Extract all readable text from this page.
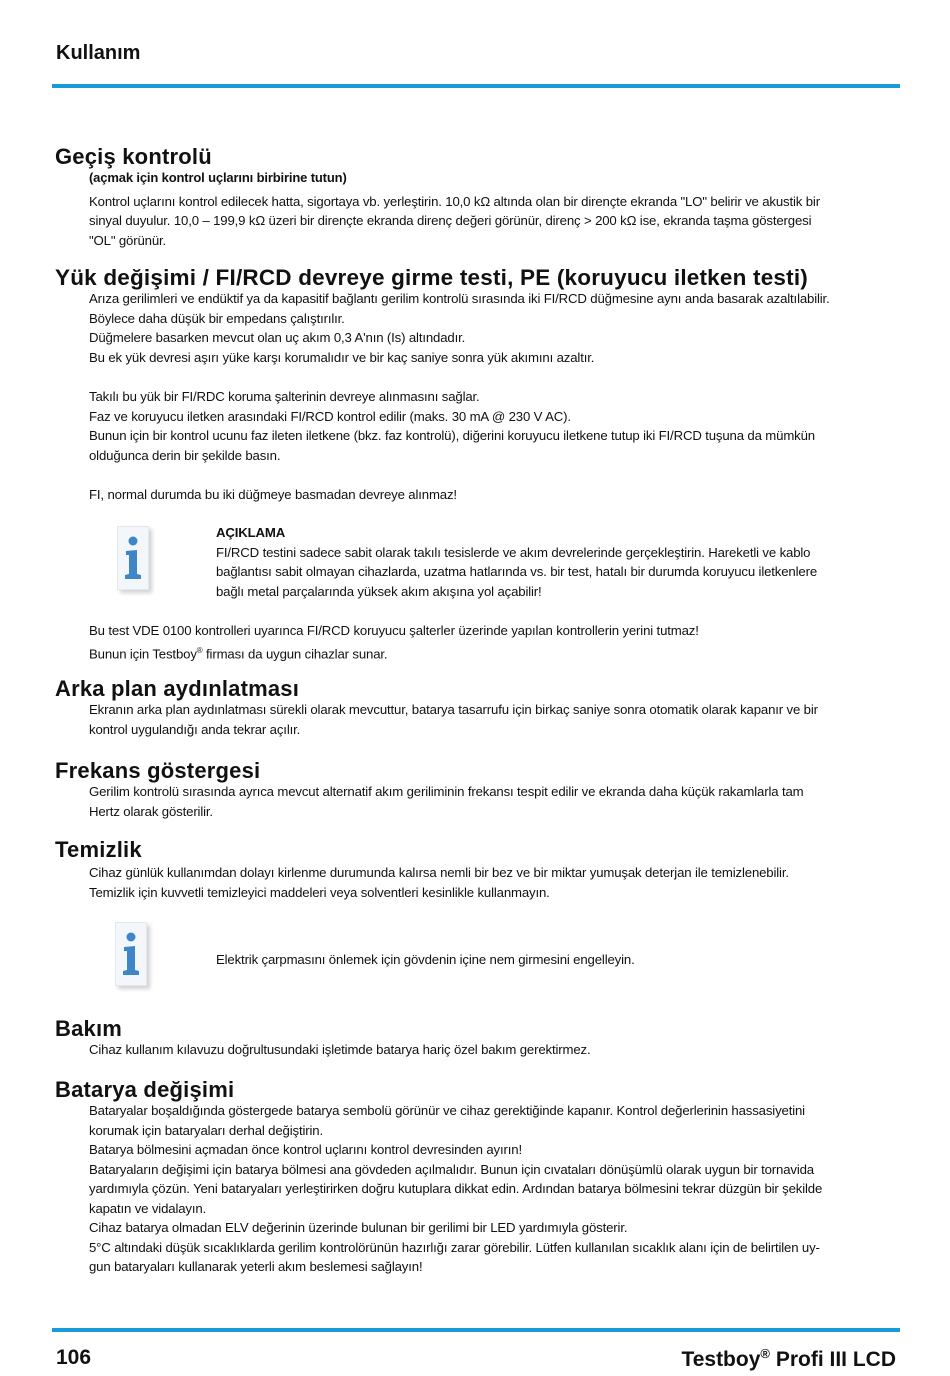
Kullanım
Geçiş kontrolü

(açmak için kontrol uçlarını birbirine tutun)

Kontrol uçlarını kontrol edilecek hatta, sigortaya vb. yerleştirin. 10,0 kΩ altında olan bir dirençte ekranda "LO" belirir ve akustik bir

sinyal duyulur. 10,0 – 199,9 kΩ üzeri bir dirençte ekranda direnç değeri görünür, direnç > 200 kΩ ise, ekranda taşma göstergesi

"OL" görünür.

Yük değişimi / FI/RCD devreye girme testi, PE (koruyucu iletken testi)

Arıza gerilimleri ve endüktif ya da kapasitif bağlantı gerilim kontrolü sırasında iki FI/RCD düğmesine aynı anda basarak azaltılabilir.

Böylece daha düşük bir empedans çalıştırılır.

Düğmelere basarken mevcut olan uç akım 0,3 A'nın (Is) altındadır.

Bu ek yük devresi aşırı yüke karşı korumalıdır ve bir kaç saniye sonra yük akımını azaltır.

Takılı bu yük bir FI/RDC koruma şalterinin devreye alınmasını sağlar.

Faz ve koruyucu iletken arasındaki FI/RCD kontrol edilir (maks. 30 mA @ 230 V AC).

Bunun için bir kontrol ucunu faz ileten iletkene (bkz. faz kontrolü), diğerini koruyucu iletkene tutup iki FI/RCD tuşuna da mümkün

olduğunca derin bir şekilde basın.

FI, normal durumda bu iki düğmeye basmadan devreye alınmaz!

AÇIKLAMA

FI/RCD testini sadece sabit olarak takılı tesislerde ve akım devrelerinde gerçekleştirin. Hareketli ve kablo

bağlantısı sabit olmayan cihazlarda, uzatma hatlarında vs. bir test, hatalı bir durumda koruyucu iletkenlere

bağlı metal parçalarında yüksek akım akışına yol açabilir!

Bu test VDE 0100 kontrolleri uyarınca FI/RCD koruyucu şalterler üzerinde yapılan kontrollerin yerini tutmaz!

Bunun için Testboy® firması da uygun cihazlar sunar.

Arka plan aydınlatması

Ekranın arka plan aydınlatması sürekli olarak mevcuttur, batarya tasarrufu için birkaç saniye sonra otomatik olarak kapanır ve bir

kontrol uygulandığı anda tekrar açılır.

Frekans göstergesi

Gerilim kontrolü sırasında ayrıca mevcut alternatif akım geriliminin frekansı tespit edilir ve ekranda daha küçük rakamlarla tam

Hertz olarak gösterilir.

Temizlik

Cihaz günlük kullanımdan dolayı kirlenme durumunda kalırsa nemli bir bez ve bir miktar yumuşak deterjan ile temizlenebilir.

Temizlik için kuvvetli temizleyici maddeleri veya solventleri kesinlikle kullanmayın.

Elektrik çarpmasını önlemek için gövdenin içine nem girmesini engelleyin.
Bakım

Cihaz kullanım kılavuzu doğrultusundaki işletimde batarya hariç özel bakım gerektirmez.

Batarya değişimi

Bataryalar boşaldığında göstergede batarya sembolü görünür ve cihaz gerektiğinde kapanır. Kontrol değerlerinin hassasiyetini

korumak için bataryaları derhal değiştirin.

Batarya bölmesini açmadan önce kontrol uçlarını kontrol devresinden ayırın!

Bataryaların değişimi için batarya bölmesi ana gövdeden açılmalıdır. Bunun için cıvataları dönüşümlü olarak uygun bir tornavida

yardımıyla çözün. Yeni bataryaları yerleştirirken doğru kutuplara dikkat edin. Ardından batarya bölmesini tekrar düzgün bir şekilde

kapatın ve vidalayın.

Cihaz batarya olmadan ELV değerinin üzerinde bulunan bir gerilimi bir LED yardımıyla gösterir.

5°C altındaki düşük sıcaklıklarda gerilim kontrolörünün hazırlığı zarar görebilir. Lütfen kullanılan sıcaklık alanı için de belirtilen uy-

gun bataryaları kullanarak yeterli akım beslemesi sağlayın!

106	Testboy® Profi III LCD
